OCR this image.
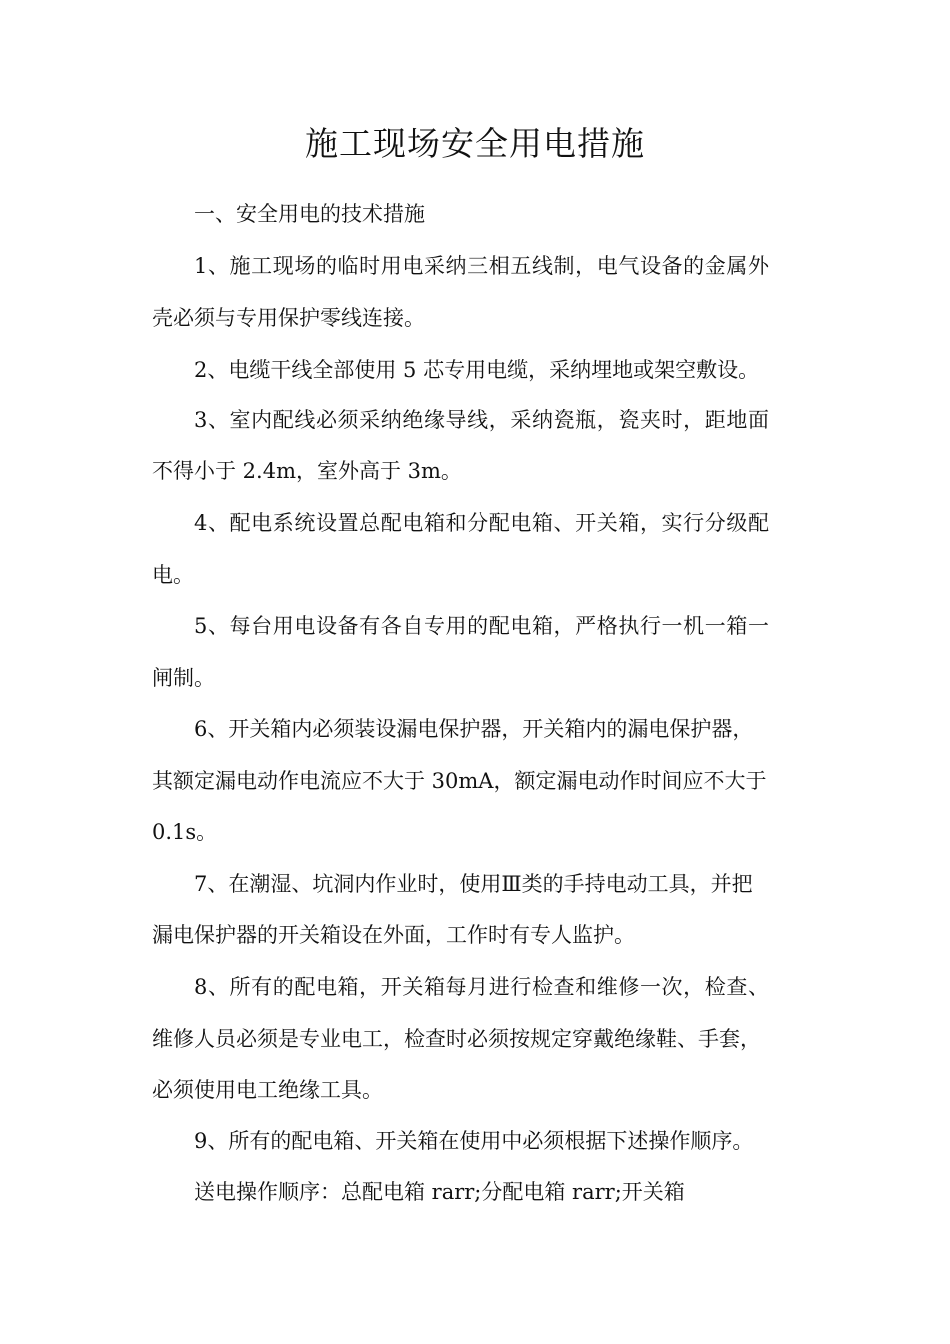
施工现场安全用电措施
一、安全用电的技术措施
1、施工现场的临时用电采纳三相五线制，电气设备的金属外
壳必须与专用保护零线连接。
2、电缆干线全部使用 5 芯专用电缆，采纳埋地或架空敷设。
3、室内配线必须采纳绝缘导线，采纳瓷瓶，瓷夹时，距地面
不得小于 2.4m，室外高于 3m。
4、配电系统设置总配电箱和分配电箱、开关箱，实行分级配
电。
5、每台用电设备有各自专用的配电箱，严格执行一机一箱一
闸制。
6、开关箱内必须装设漏电保护器，开关箱内的漏电保护器，
其额定漏电动作电流应不大于 30mA，额定漏电动作时间应不大于
0.1s。
7、在潮湿、坑洞内作业时，使用Ⅲ类的手持电动工具，并把
漏电保护器的开关箱设在外面，工作时有专人监护。
8、所有的配电箱，开关箱每月进行检查和维修一次，检查、
维修人员必须是专业电工，检查时必须按规定穿戴绝缘鞋、手套，
必须使用电工绝缘工具。
9、所有的配电箱、开关箱在使用中必须根据下述操作顺序。
送电操作顺序：总配电箱 rarr;分配电箱 rarr;开关箱
